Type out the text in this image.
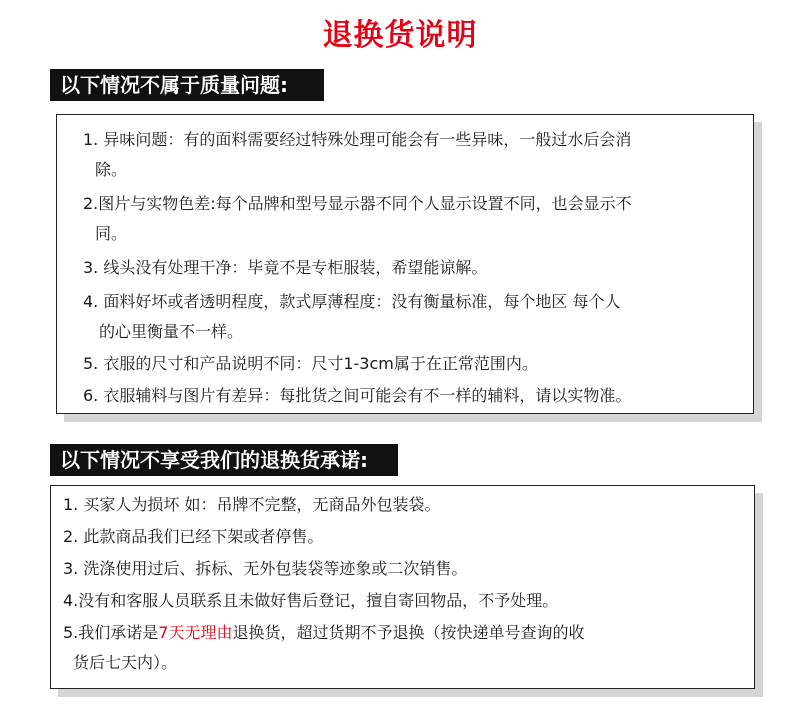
退换货说明
以下情况不属于质量问题:
1. 异味问题：有的面料需要经过特殊处理可能会有一些异味，一般过水后会消
除。
2.图片与实物色差:每个品牌和型号显示器不同个人显示设置不同，也会显示不
同。
3. 线头没有处理干净：毕竟不是专柜服装，希望能谅解。
4. 面料好坏或者透明程度，款式厚薄程度：没有衡量标准，每个地区 每个人
的心里衡量不一样。
5. 衣服的尺寸和产品说明不同：尺寸1-3cm属于在正常范围内。
6. 衣服辅料与图片有差异：每批货之间可能会有不一样的辅料，请以实物准。
以下情况不享受我们的退换货承诺:
1. 买家人为损坏 如：吊牌不完整，无商品外包装袋。
2. 此款商品我们已经下架或者停售。
3. 洗涤使用过后、拆标、无外包装袋等迹象或二次销售。
4.没有和客服人员联系且未做好售后登记，擅自寄回物品，不予处理。
5.我们承诺是7天无理由退换货，超过货期不予退换（按快递单号查询的收
货后七天内）。
